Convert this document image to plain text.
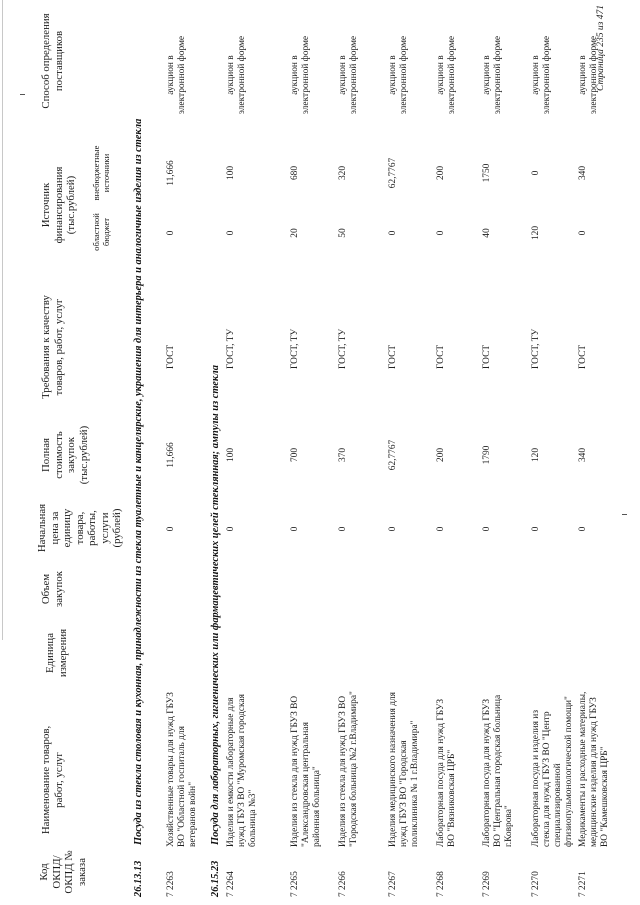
Код ОКПД/ ОКПД № заказа
Наименование товаров, работ, услуг
Единица измерения
Объем закупок
Начальная цена за единицу товара, работы, услуги (рублей)
Полная стоимость закупок (тыс.рублей)
Требования к качеству товаров, работ, услуг
Источник финансирования (тыс.рублей) областной бюджет
внебюджетные источники
Способ определения поставщиков
26.13.13
Посуда из стекла столовая и кухонная, принадлежности из стекла туалетные и канцелярские, украшения для интерьера и аналогичные изделия из стекла
26.15.23
Посуда для лабораторных, гигиенических или фармацевтических целей стеклянная; ампулы из стекла
7 2263
Хозяйственные товары для нужд ГБУЗ ВО "Областной госпиталь для ветеранов войн"
0
11,666
ГОСТ
0
11,666
аукцион в электронной форме
7 2264
Изделия и емкости лабораторные для нужд ГБУЗ ВО "Муромская городская больница №3"
0
100
ГОСТ, ТУ
0
100
аукцион в электронной форме
7 2265
Изделия из стекла для нужд ГБУЗ ВО "Александровская центральная районная больница"
0
700
ГОСТ, ТУ
20
680
аукцион в электронной форме
7 2266
Изделия из стекла для нужд ГБУЗ ВО "Городская больница №2 г.Владимира"
0
370
ГОСТ, ТУ
50
320
аукцион в электронной форме
7 2267
Изделия медицинского назначения для нужд ГБУЗ ВО "Городская поликлиника № 1 г.Владимира"
0
62,7767
ГОСТ
0
62,7767
аукцион в электронной форме
7 2268
Лабораторная посуда для нужд ГБУЗ ВО "Вязниковская ЦРБ"
0
200
ГОСТ
0
200
аукцион в электронной форме
7 2269
Лабораторная посуда для нужд ГБУЗ ВО "Центральная городская больница г.Коврова"
0
1790
ГОСТ
40
1750
аукцион в электронной форме
7 2270
Лабораторная посуда и изделия из стекла для нужд ГБУЗ ВО "Центр специализированной фтизиопульмонологической помощи"
0
120
ГОСТ, ТУ
120
0
аукцион в электронной форме
7 2271
Медикаменты и расходные материалы, медицинские изделия для нужд ГБУЗ ВО "Камешковская ЦРБ"
0
340
ГОСТ
0
340
аукцион в электронной форме
Страница 235 из 471
